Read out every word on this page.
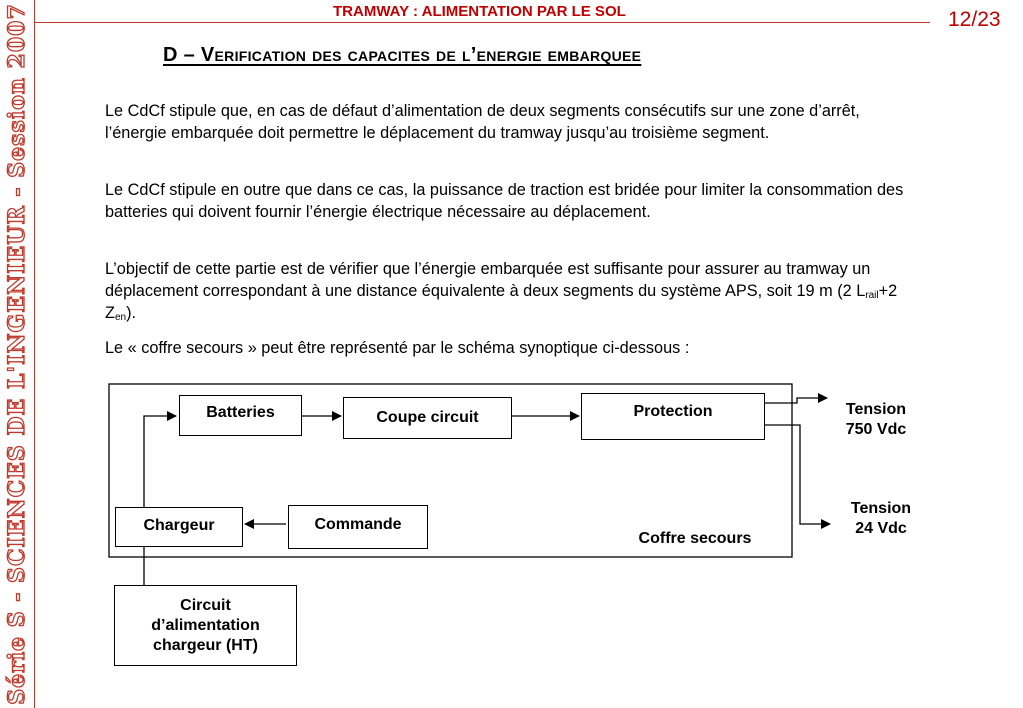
Série S - SCIENCES DE L'INGENIEUR - Session 2007	TRAMWAY : ALIMENTATION PAR LE SOL	12/23
D – Verification des capacites de l’energie embarquee
Le CdCf stipule que, en cas de défaut d’alimentation de deux segments consécutifs sur une zone d’arrêt, l’énergie embarquée doit permettre le déplacement du tramway jusqu’au troisième segment.
Le CdCf stipule en outre que dans ce cas, la puissance de traction est bridée pour limiter la consommation des batteries qui doivent fournir l’énergie électrique nécessaire au déplacement.
L’objectif de cette partie est de vérifier que l’énergie embarquée est suffisante pour assurer au tramway un déplacement correspondant à une distance équivalente à deux segments du système APS, soit 19 m (2 $L_{rail}+2$ $Z_{en}$).
Le « coffre secours » peut être représenté par le schéma synoptique ci-dessous :
Batteries	Coupe circuit	Protection
Chargeur	Commande
Coffre secours
Circuit
d’alimentation
chargeur (HT)
Tension
750 Vdc
Tension
24 Vdc
